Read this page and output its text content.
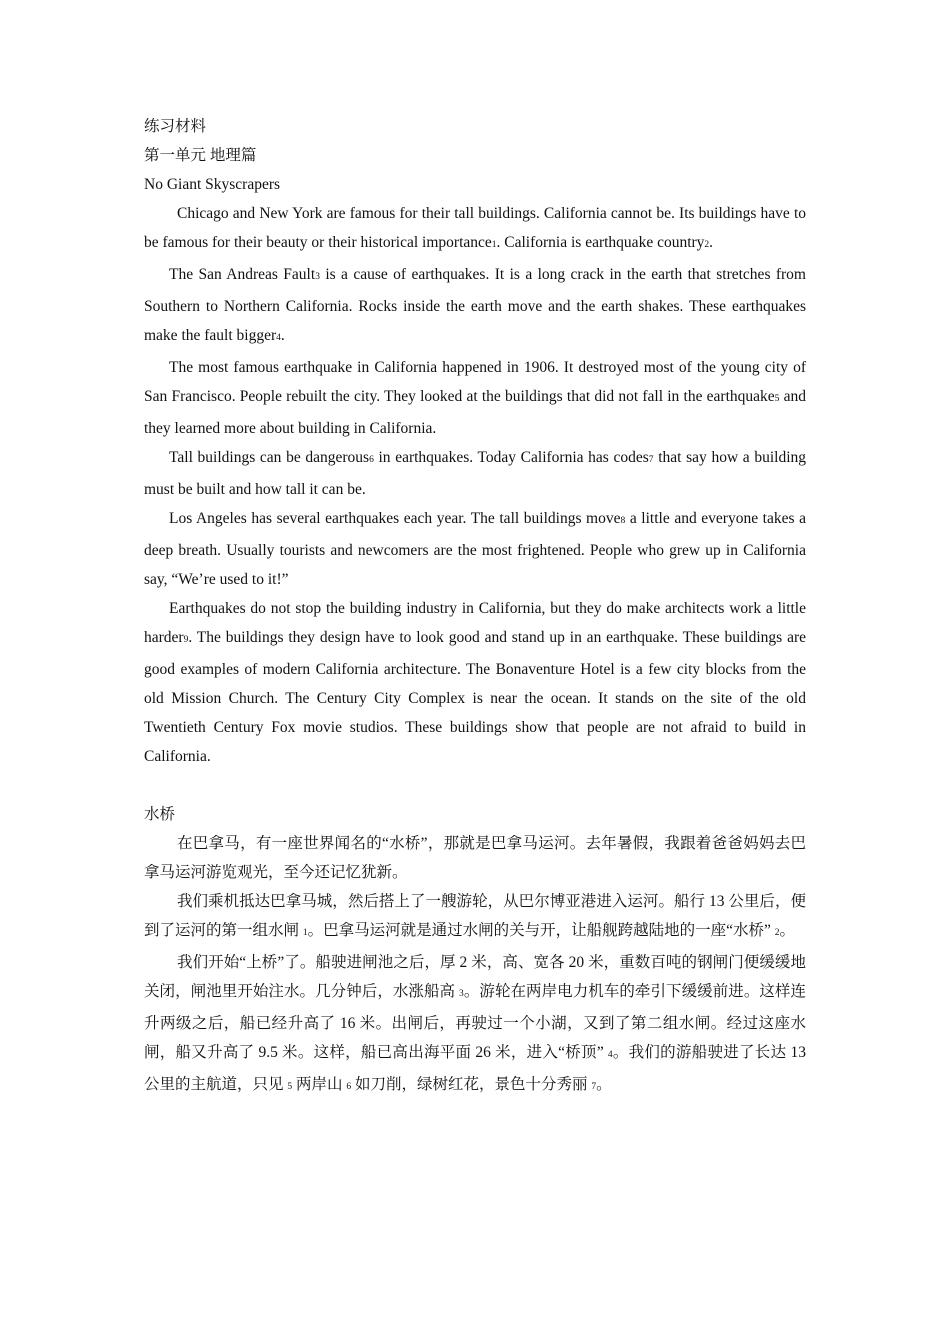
练习材料

第一单元 地理篇

No Giant Skyscrapers

Chicago and New York are famous for their tall buildings. California cannot be. Its buildings have to be famous for their beauty or their historical importance1. California is earthquake country2.

The San Andreas Fault3 is a cause of earthquakes. It is a long crack in the earth that stretches from Southern to Northern California. Rocks inside the earth move and the earth shakes. These earthquakes make the fault bigger4.

The most famous earthquake in California happened in 1906. It destroyed most of the young city of San Francisco. People rebuilt the city. They looked at the buildings that did not fall in the earthquake5 and they learned more about building in California.

Tall buildings can be dangerous6 in earthquakes. Today California has codes7 that say how a building must be built and how tall it can be.

Los Angeles has several earthquakes each year. The tall buildings move8 a little and everyone takes a deep breath. Usually tourists and newcomers are the most frightened. People who grew up in California say, “We’re used to it!”

Earthquakes do not stop the building industry in California, but they do make architects work a little harder9. The buildings they design have to look good and stand up in an earthquake. These buildings are good examples of modern California architecture. The Bonaventure Hotel is a few city blocks from the old Mission Church. The Century City Complex is near the ocean. It stands on the site of the old Twentieth Century Fox movie studios. These buildings show that people are not afraid to build in California.

水桥

在巴拿马，有一座世界闻名的“水桥”，那就是巴拿马运河。去年暑假，我跟着爸爸妈妈去巴拿马运河游览观光，至今还记忆犹新。

我们乘机抵达巴拿马城，然后搭上了一艘游轮，从巴尔博亚港进入运河。船行 13 公里后，便到了运河的第一组水闸 1。巴拿马运河就是通过水闸的关与开，让船舰跨越陆地的一座“水桥” 2。

我们开始“上桥”了。船驶进闸池之后，厚 2 米，高、宽各 20 米，重数百吨的钢闸门便缓缓地关闭，闸池里开始注水。几分钟后，水涨船高 3。游轮在两岸电力机车的牵引下缓缓前进。这样连升两级之后，船已经升高了 16 米。出闸后，再驶过一个小湖，又到了第二组水闸。经过这座水闸，船又升高了 9.5 米。这样，船已高出海平面 26 米，进入“桥顶” 4。我们的游船驶进了长达 13 公里的主航道，只见 5 两岸山 6 如刀削，绿树红花，景色十分秀丽 7。
